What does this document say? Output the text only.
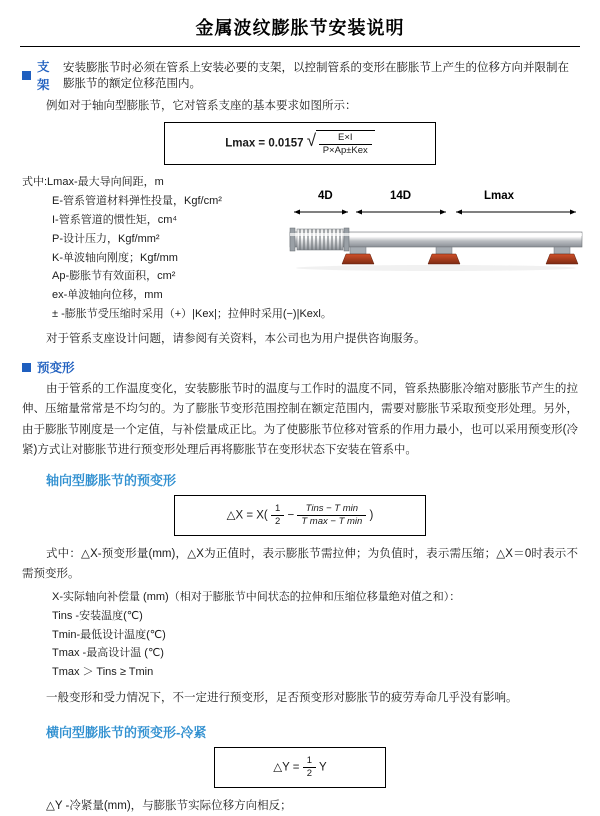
金属波纹膨胀节安装说明
支架
安装膨胀节时必须在管系上安装必要的支架，以控制管系的变形在膨胀节上产生的位移方向并限制在膨胀节的额定位移范围内。

例如对于轴向型膨胀节，它对管系支座的基本要求如图所示：

Lmax = 0.0157 √ $\frac{E\times I}{\text{P×Ap±Kex}}$
式中:Lmax-最大导向间距，m
E-管系管道材料弹性投量，Kgf/cm²
I-管系管道的惯性矩，cm⁴
P-设计压力，Kgf/mm²
K-单波轴向刚度；Kgf/mm
Ap-膨胀节有效面积，cm²
ex-单波轴向位移，mm
± -膨胀节受压缩时采用（+）|Kex|；拉伸时采用(−)|Kexl。

对于管系支座设计问题，请参阅有关资料，本公司也为用户提供咨询服务。

预变形

由于管系的工作温度变化，安装膨胀节时的温度与工作时的温度不同，管系热膨胀冷缩对膨胀节产生的拉伸、压缩量常常是不均匀的。为了膨胀节变形范围控制在额定范围内，需要对膨胀节采取预变形处理。另外，由于膨胀节刚度是一个定值，与补偿量成正比。为了使膨胀节位移对管系的作用力最小，也可以采用预变形(冷紧)方式让对膨胀节进行预变形处理后再将膨胀节在变形状态下安装在管系中。

轴向型膨胀节的预变形
△X = $X( \frac{1}{2} - \frac{\text{Tins − T min}}{\text{T max − T min}}$ )

式中：△X-预变形量(mm)，△X为正值时，表示膨胀节需拉伸；为负值时，表示需压缩；△X＝0时表示不需预变形。

X-实际轴向补偿量 (mm)（相对于膨胀节中间状态的拉伸和压缩位移量绝对值之和）：
Tins -安装温度(℃)
Tmin-最低设计温度(℃)
Tmax -最高设计温 (℃)
Tmax ＞ Tins ≥ Tmin

一般变形和受力情况下，不一定进行预变形，足否预变形对膨胀节的疲劳寿命几乎没有影响。

横向型膨胀节的预变形-冷紧
△Y = $\frac{1}{2}$ Y

△Y -冷紧量(mm)，与膨胀节实际位移方向相反；

4D	14D	Lmax
